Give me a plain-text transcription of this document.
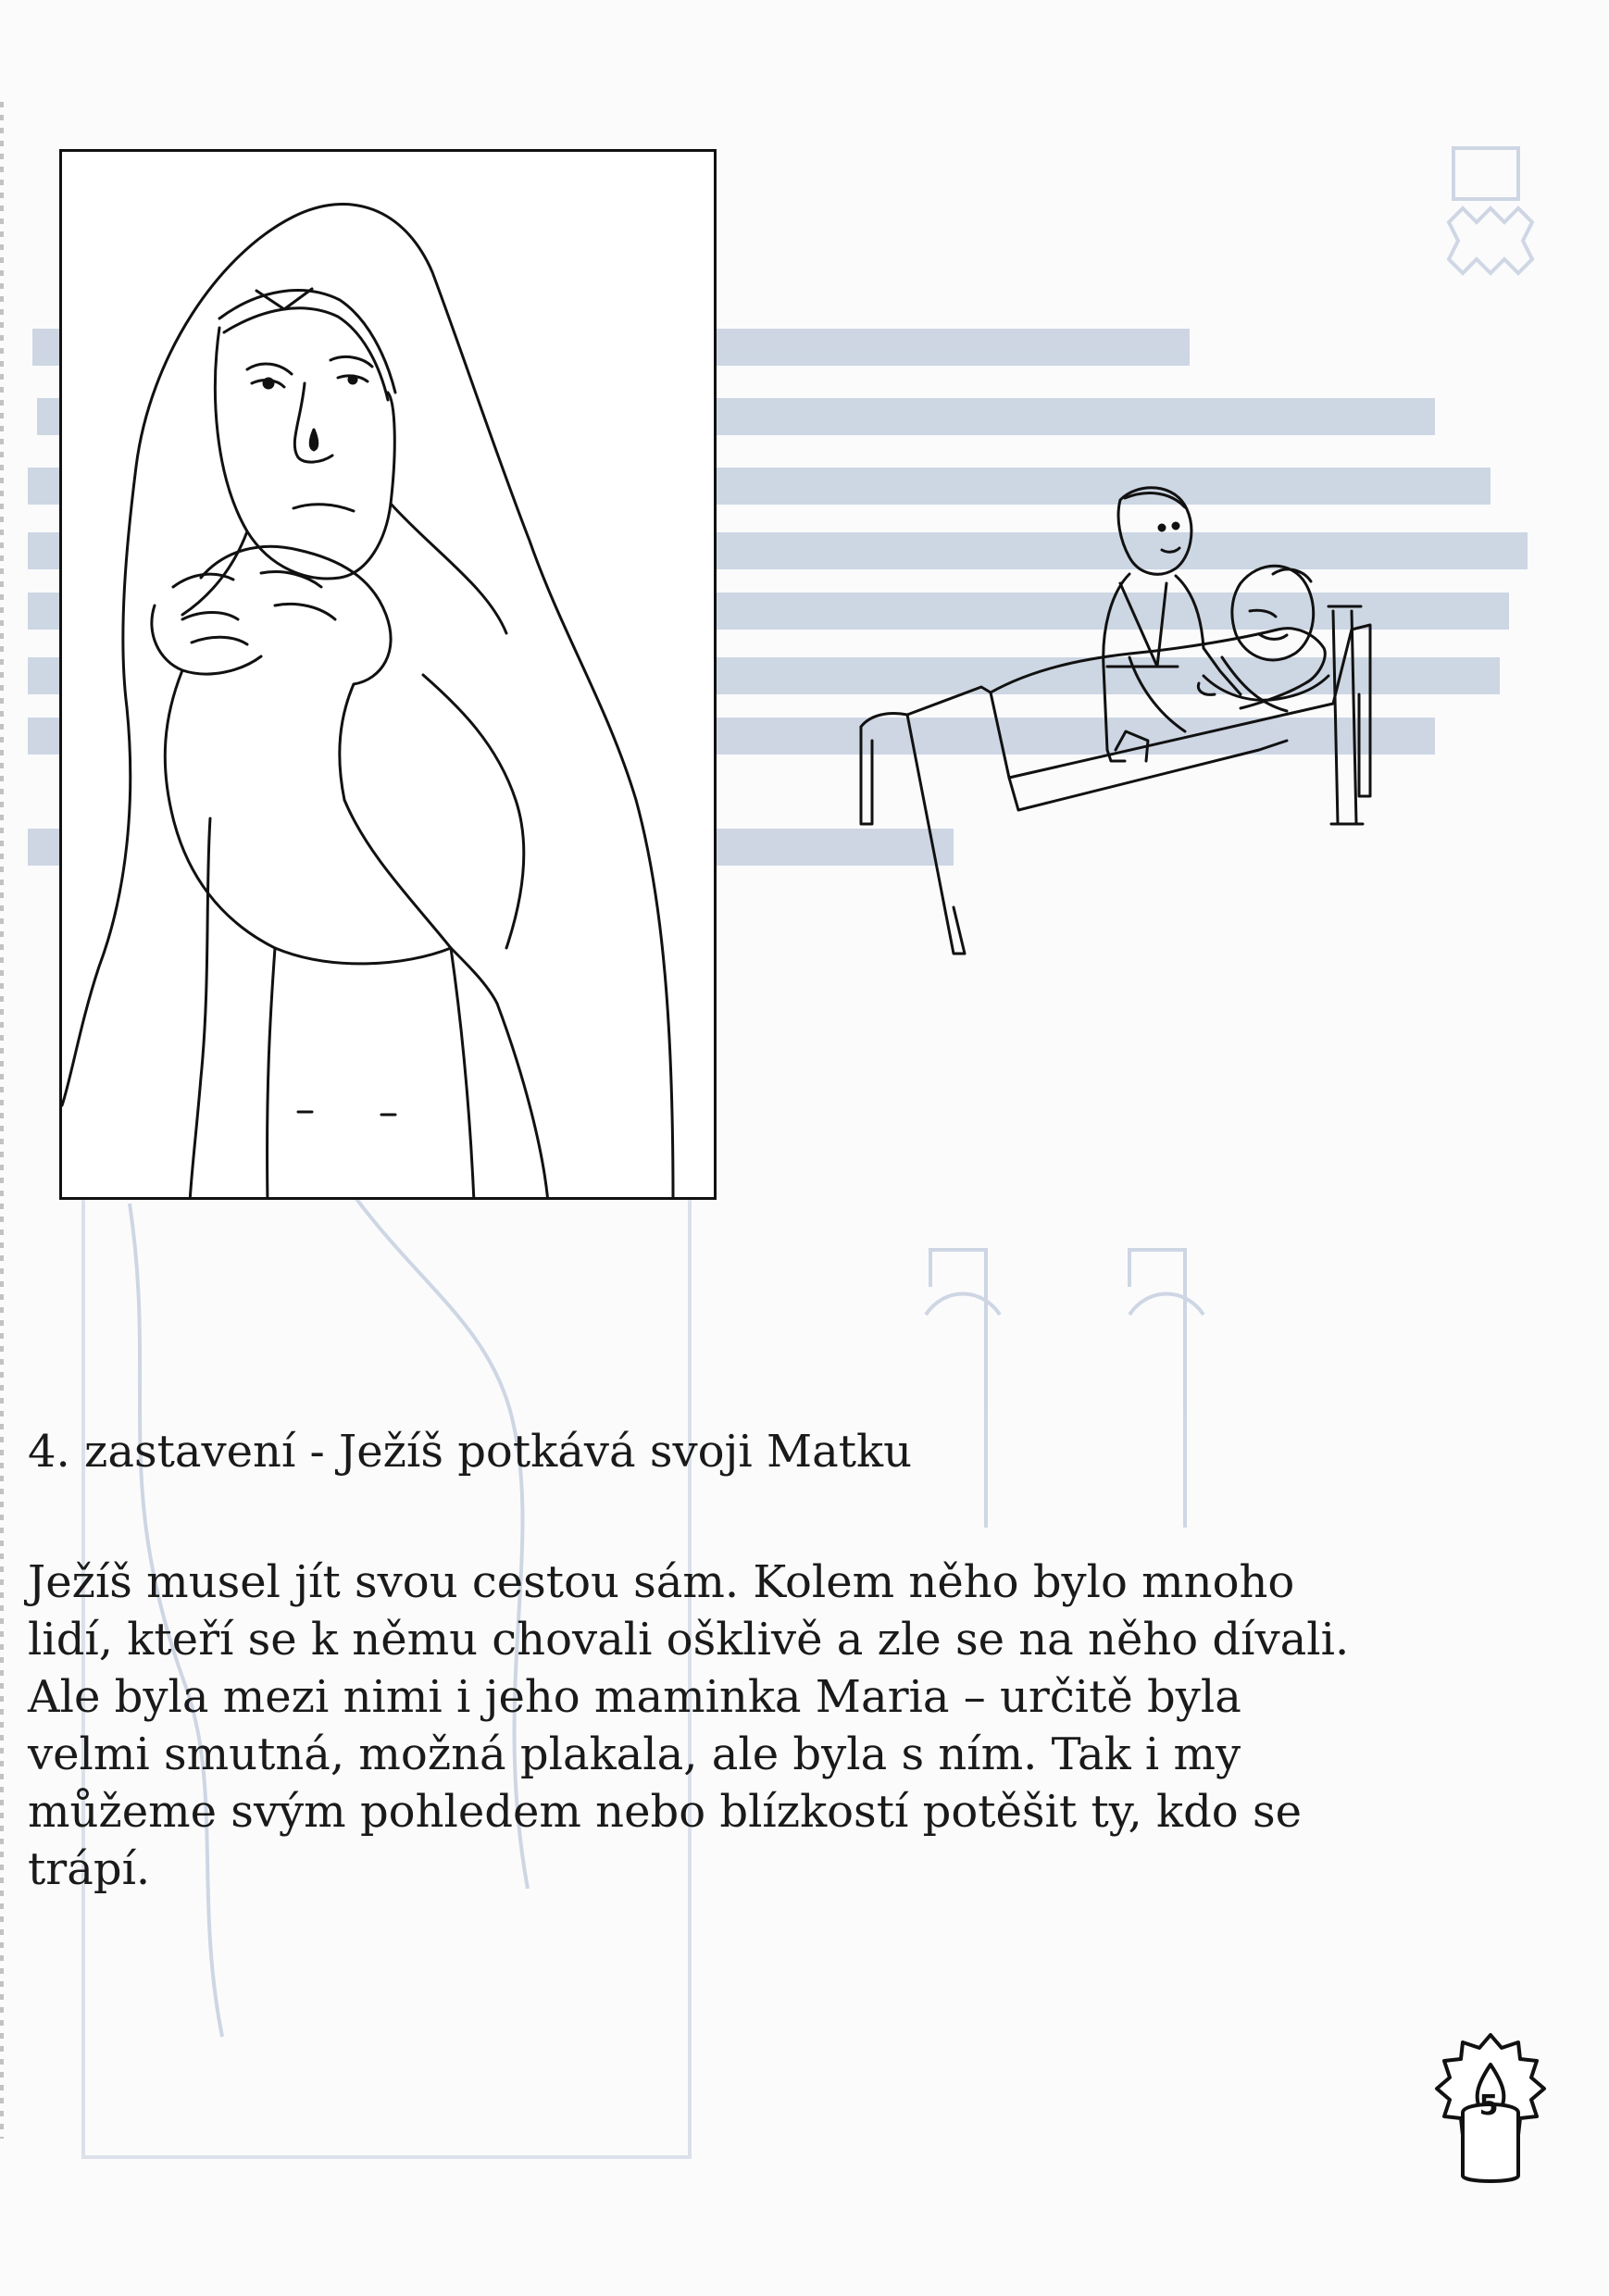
4. zastavení - Ježíš potkává svoji Matku

Ježíš musel jít svou cestou sám. Kolem něho bylo mnoho
lidí, kteří se k němu chovali ošklivě a zle se na něho dívali.
Ale byla mezi nimi i jeho maminka Maria – určitě byla
velmi smutná, možná plakala, ale byla s ním. Tak i my
můžeme svým pohledem nebo blízkostí potěšit ty, kdo se
trápí.

5
